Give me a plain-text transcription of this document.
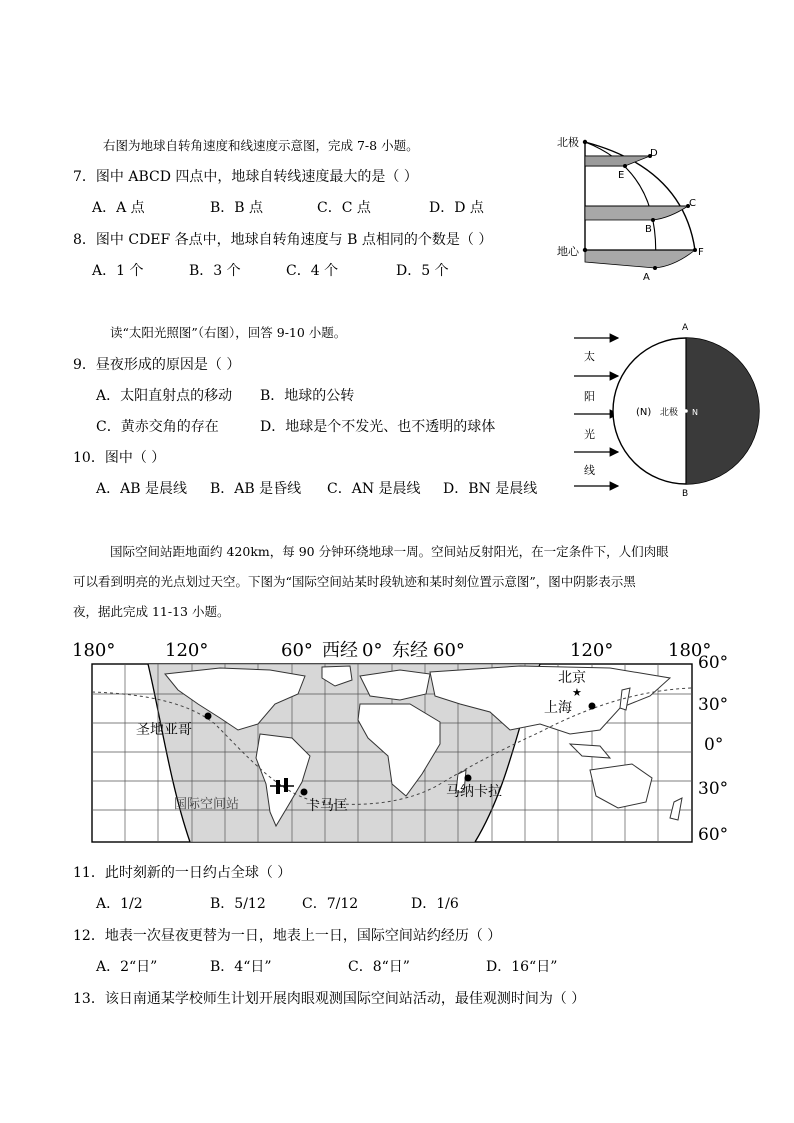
右图为地球自转角速度和线速度示意图，完成 7-8 小题。
7．图中 ABCD 四点中，地球自转线速度最大的是（ ）
A．A 点	B．B 点	C．C 点	D．D 点
8．图中 CDEF 各点中，地球自转角速度与 B 点相同的个数是（ ）
A．1 个	B．3 个	C．4 个	D．5 个
北极
地心
A
B
C
D
E
F
读“太阳光照图”（右图），回答 9-10 小题。
9．昼夜形成的原因是（ ）
A．太阳直射点的移动 B．地球的公转
C．黄赤交角的存在	D．地球是个不发光、也不透明的球体
10．图中（ ）
A．AB 是晨线 B．AB 是昏线 C．AN 是晨线 D．BN 是晨线
太
阳
光
线
A
B
(N) 北极 N
国际空间站距地面约 420km，每 90 分钟环绕地球一周。空间站反射阳光，在一定条件下，人们肉眼
可以看到明亮的光点划过天空。下图为“国际空间站某时段轨迹和某时刻位置示意图”，图中阴影表示黑
夜，据此完成 11-13 小题。
180°	120°	60° 西经 0° 东经 60°	120°	180°
★
北京
上海
圣地亚哥
国际空间站	卡马匡
马纳卡拉
60°
30°
0°
30°
60°
11．此时刻新的一日约占全球（ ）
A．1/2	B．5/12	C．7/12	D．1/6
12．地表一次昼夜更替为一日，地表上一日，国际空间站约经历（ ）
A．2“日”	B．4“日”	C．8“日”	D．16“日”
13．该日南通某学校师生计划开展肉眼观测国际空间站活动，最佳观测时间为（ ）
